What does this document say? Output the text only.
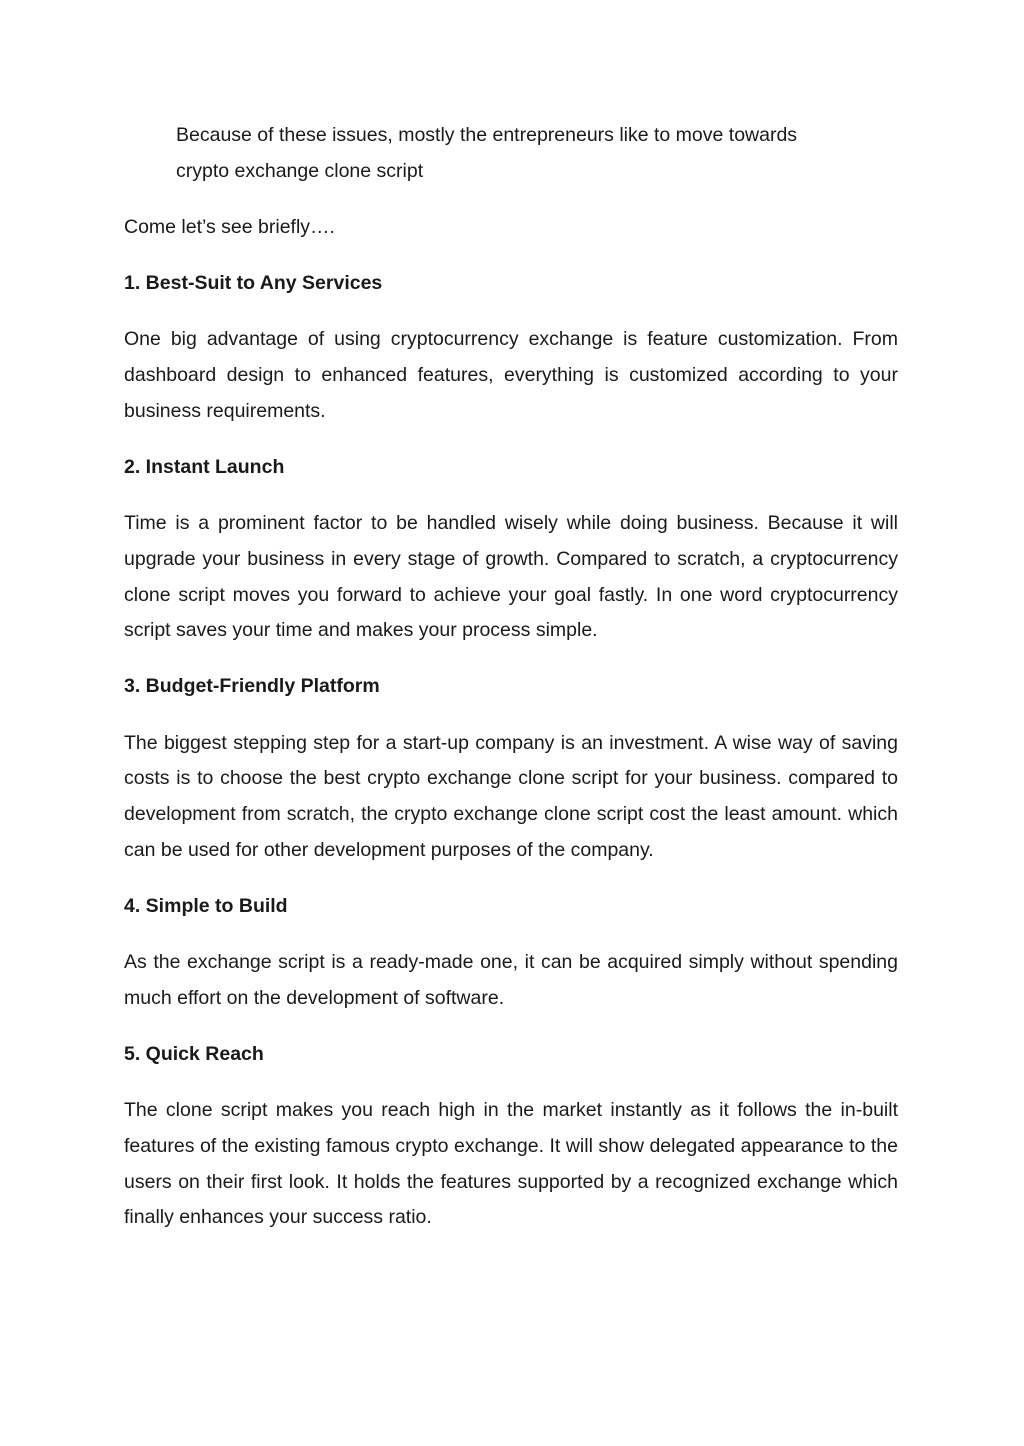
Because of these issues, mostly the entrepreneurs like to move towards crypto exchange clone script

Come let’s see briefly….

1. Best-Suit to Any Services

One big advantage of using cryptocurrency exchange is feature customization. From dashboard design to enhanced features, everything is customized according to your business requirements.

2. Instant Launch

Time is a prominent factor to be handled wisely while doing business. Because it will upgrade your business in every stage of growth. Compared to scratch, a cryptocurrency clone script moves you forward to achieve your goal fastly. In one word cryptocurrency script saves your time and makes your process simple.

3. Budget-Friendly Platform

The biggest stepping step for a start-up company is an investment. A wise way of saving costs is to choose the best crypto exchange clone script for your business. compared to development from scratch, the crypto exchange clone script cost the least amount. which can be used for other development purposes of the company.

4. Simple to Build

As the exchange script is a ready-made one, it can be acquired simply without spending much effort on the development of software.

5. Quick Reach

The clone script makes you reach high in the market instantly as it follows the in-built features of the existing famous crypto exchange. It will show delegated appearance to the users on their first look. It holds the features supported by a recognized exchange which finally enhances your success ratio.
